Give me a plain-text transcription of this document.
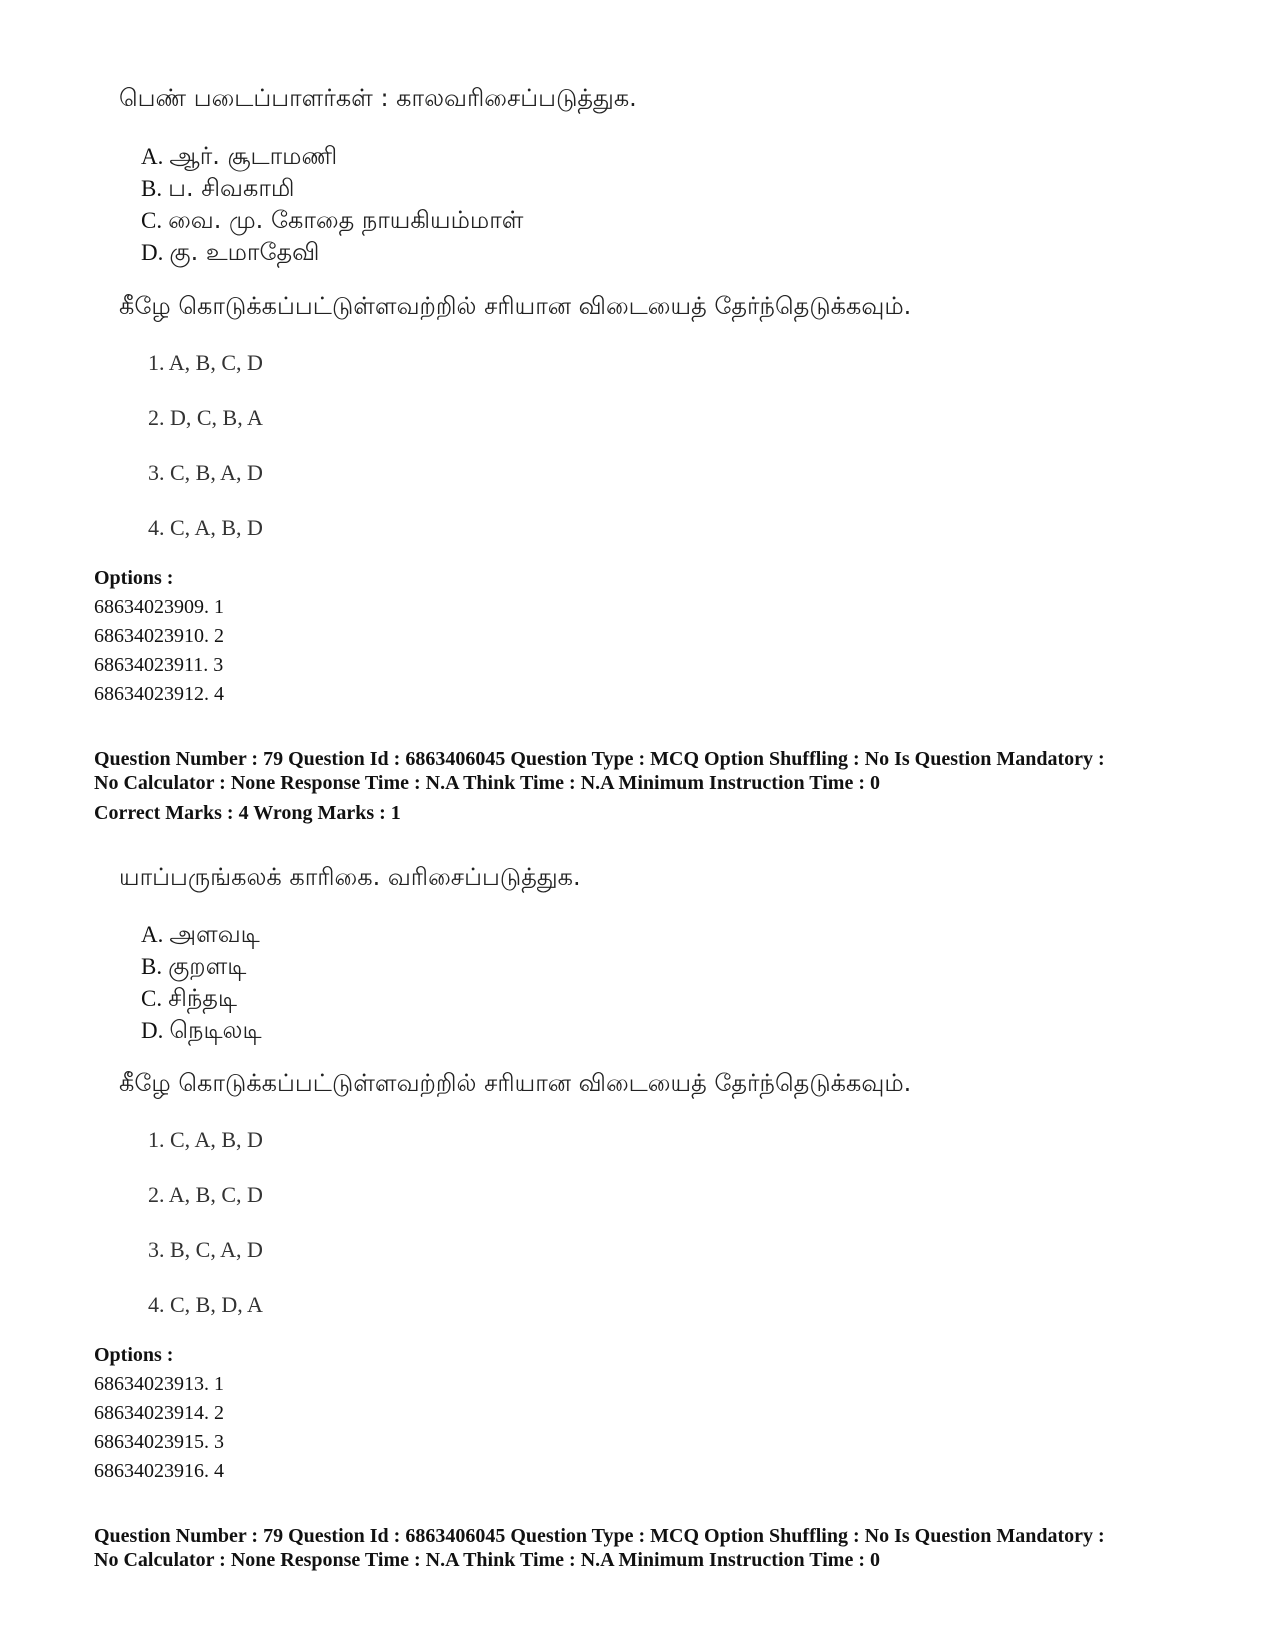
பெண் படைப்பாளர்கள் : காலவரிசைப்படுத்துக.
A. ஆர். சூடாமணி
B. ப. சிவகாமி
C. வை. மு. கோதை நாயகியம்மாள்
D. கு. உமாதேவி
கீழே கொடுக்கப்பட்டுள்ளவற்றில் சரியான விடையைத் தேர்ந்தெடுக்கவும்.
1. A, B, C, D
2. D, C, B, A
3. C, B, A, D
4. C, A, B, D
Options :
68634023909. 1
68634023910. 2
68634023911. 3
68634023912. 4
Question Number : 79 Question Id : 6863406045 Question Type : MCQ Option Shuffling : No Is Question Mandatory :
No Calculator : None Response Time : N.A Think Time : N.A Minimum Instruction Time : 0
Correct Marks : 4 Wrong Marks : 1
யாப்பருங்கலக் காரிகை. வரிசைப்படுத்துக.
A. அளவடி
B. குறளடி
C. சிந்தடி
D. நெடிலடி
கீழே கொடுக்கப்பட்டுள்ளவற்றில் சரியான விடையைத் தேர்ந்தெடுக்கவும்.
1. C, A, B, D
2. A, B, C, D
3. B, C, A, D
4. C, B, D, A
Options :
68634023913. 1
68634023914. 2
68634023915. 3
68634023916. 4
Question Number : 79 Question Id : 6863406045 Question Type : MCQ Option Shuffling : No Is Question Mandatory :
No Calculator : None Response Time : N.A Think Time : N.A Minimum Instruction Time : 0
